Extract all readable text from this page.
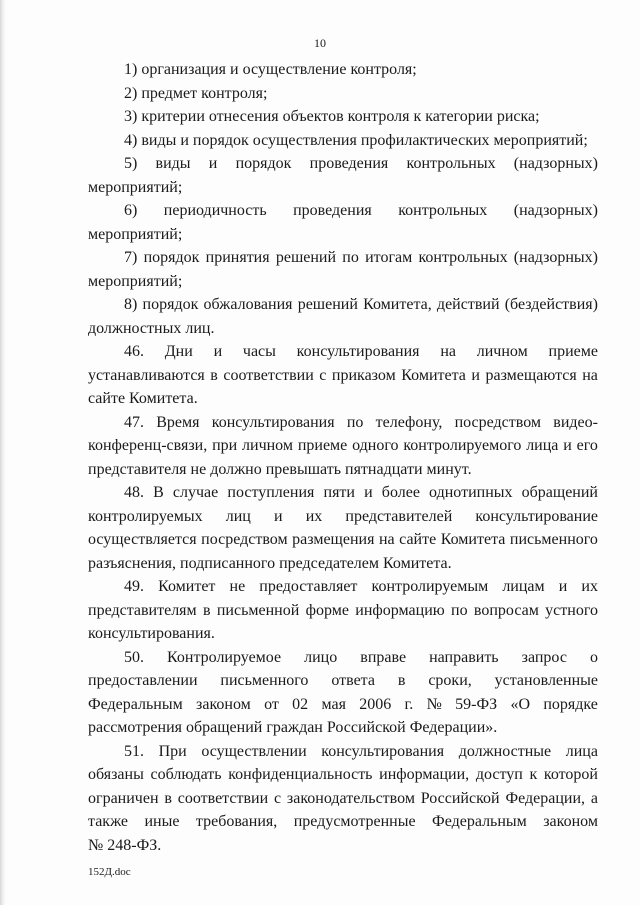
10
1) организация и осуществление контроля;
2) предмет контроля;
3) критерии отнесения объектов контроля к категории риска;
4) виды и порядок осуществления профилактических мероприятий;
5) виды и порядок проведения контрольных (надзорных)
мероприятий;
6) периодичность проведения контрольных (надзорных)
мероприятий;
7) порядок принятия решений по итогам контрольных (надзорных)
мероприятий;
8) порядок обжалования решений Комитета, действий (бездействия)
должностных лиц.
46. Дни и часы консультирования на личном приеме
устанавливаются в соответствии с приказом Комитета и размещаются на
сайте Комитета.
47. Время консультирования по телефону, посредством видео-
конференц-связи, при личном приеме одного контролируемого лица и его
представителя не должно превышать пятнадцати минут.
48. В случае поступления пяти и более однотипных обращений
контролируемых лиц и их представителей консультирование
осуществляется посредством размещения на сайте Комитета письменного
разъяснения, подписанного председателем Комитета.
49. Комитет не предоставляет контролируемым лицам и их
представителям в письменной форме информацию по вопросам устного
консультирования.
50. Контролируемое лицо вправе направить запрос о
предоставлении письменного ответа в сроки, установленные
Федеральным законом от 02 мая 2006 г. № 59-ФЗ «О порядке
рассмотрения обращений граждан Российской Федерации».
51. При осуществлении консультирования должностные лица
обязаны соблюдать конфиденциальность информации, доступ к которой
ограничен в соответствии с законодательством Российской Федерации, а
также иные требования, предусмотренные Федеральным законом
№ 248-ФЗ.
152Д.doc
